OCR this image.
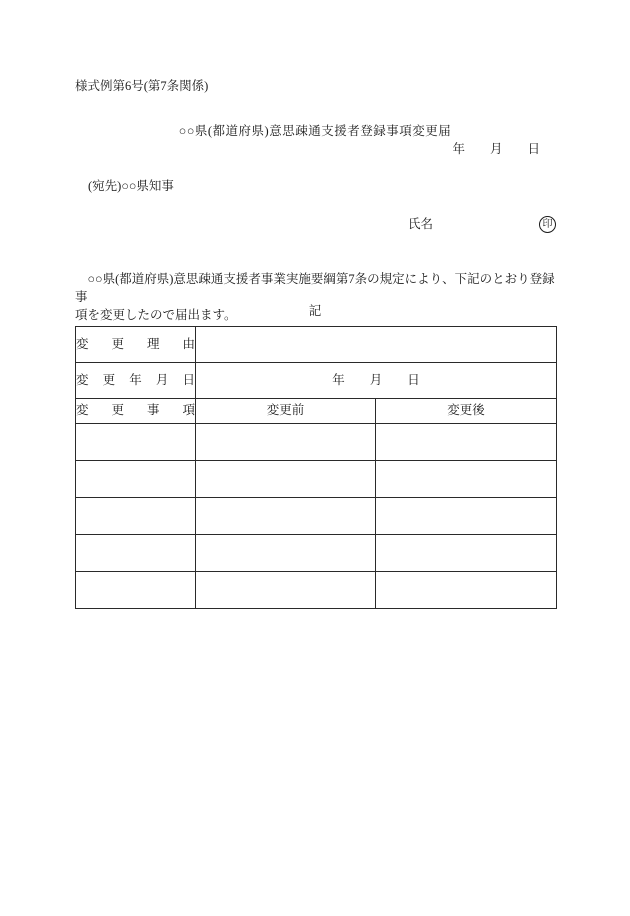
様式例第6号(第7条関係)
○○県(都道府県)意思疎通支援者登録事項変更届
年　　月　　日
(宛先)○○県知事
氏名	印
　○○県(都道府県)意思疎通支援者事業実施要綱第7条の規定により、下記のとおり登録事
項を変更したので届出ます。	記
変更理由		

変更年月日	年　　月　　日	

変更事項	変更前	変更後
